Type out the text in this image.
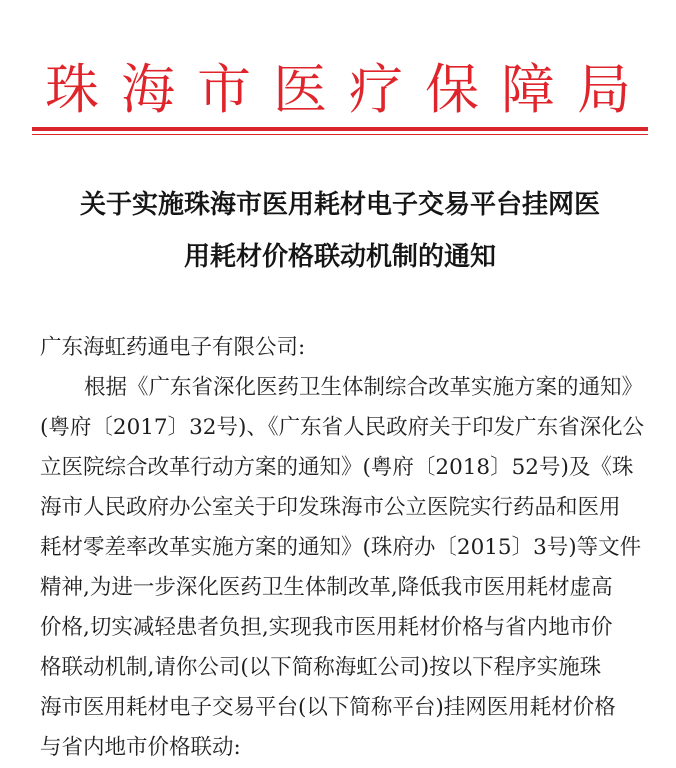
珠海市医疗保障局
关于实施珠海市医用耗材电子交易平台挂网医
用耗材价格联动机制的通知
广东海虹药通电子有限公司:
根据《广东省深化医药卫生体制综合改革实施方案的通知》
(粤府〔2017〕32号)、《广东省人民政府关于印发广东省深化公
立医院综合改革行动方案的通知》(粤府〔2018〕52号)及《珠
海市人民政府办公室关于印发珠海市公立医院实行药品和医用
耗材零差率改革实施方案的通知》(珠府办〔2015〕3号)等文件
精神,为进一步深化医药卫生体制改革,降低我市医用耗材虚高
价格,切实减轻患者负担,实现我市医用耗材价格与省内地市价
格联动机制,请你公司(以下简称海虹公司)按以下程序实施珠
海市医用耗材电子交易平台(以下简称平台)挂网医用耗材价格
与省内地市价格联动:
